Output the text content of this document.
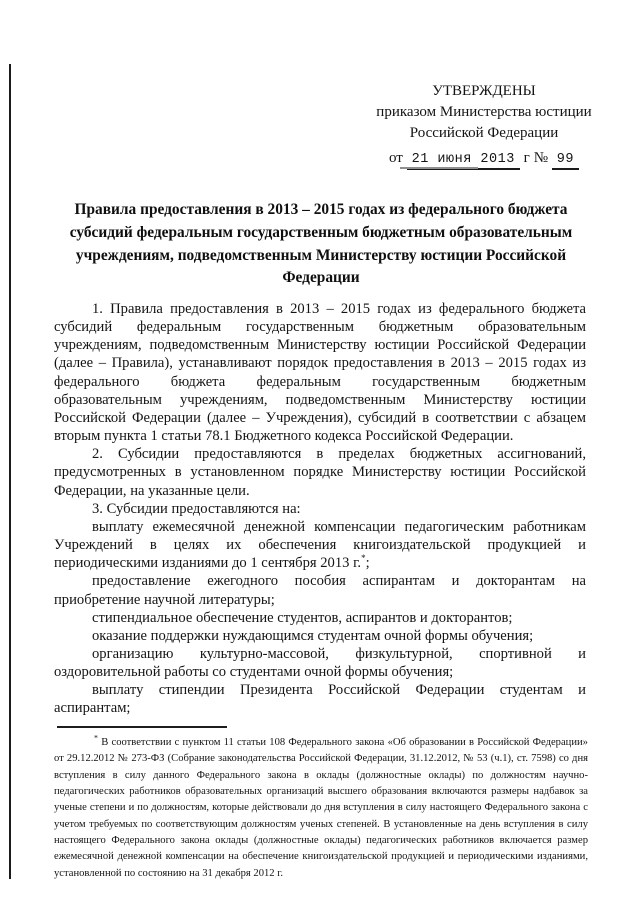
УТВЕРЖДЕНЫ
приказом Министерства юстиции
Российской Федерации
от 21 июня 2013 г № 99
Правила предоставления в 2013 – 2015 годах из федерального бюджета субсидий федеральным государственным бюджетным образовательным учреждениям, подведомственным Министерству юстиции Российской Федерации

1. Правила предоставления в 2013 – 2015 годах из федерального бюджета субсидий федеральным государственным бюджетным образовательным учреждениям, подведомственным Министерству юстиции Российской Федерации (далее – Правила), устанавливают порядок предоставления в 2013 – 2015 годах из федерального бюджета федеральным государственным бюджетным образовательным учреждениям, подведомственным Министерству юстиции Российской Федерации (далее – Учреждения), субсидий в соответствии с абзацем вторым пункта 1 статьи 78.1 Бюджетного кодекса Российской Федерации.

2. Субсидии предоставляются в пределах бюджетных ассигнований, предусмотренных в установленном порядке Министерству юстиции Российской Федерации, на указанные цели.

3. Субсидии предоставляются на:

выплату ежемесячной денежной компенсации педагогическим работникам Учреждений в целях их обеспечения книгоиздательской продукцией и периодическими изданиями до 1 сентября 2013 г.*;

предоставление ежегодного пособия аспирантам и докторантам на приобретение научной литературы;

стипендиальное обеспечение студентов, аспирантов и докторантов;

оказание поддержки нуждающимся студентам очной формы обучения;

организацию культурно-массовой, физкультурной, спортивной и оздоровительной работы со студентами очной формы обучения;

выплату стипендии Президента Российской Федерации студентам и аспирантам;

* В соответствии с пунктом 11 статьи 108 Федерального закона «Об образовании в Российской Федерации» от 29.12.2012 № 273-ФЗ (Собрание законодательства Российской Федерации, 31.12.2012, № 53 (ч.1), ст. 7598) со дня вступления в силу данного Федерального закона в оклады (должностные оклады) по должностям научно-педагогических работников образовательных организаций высшего образования включаются размеры надбавок за ученые степени и по должностям, которые действовали до дня вступления в силу настоящего Федерального закона с учетом требуемых по соответствующим должностям ученых степеней. В установленные на день вступления в силу настоящего Федерального закона оклады (должностные оклады) педагогических работников включается размер ежемесячной денежной компенсации на обеспечение книгоиздательской продукцией и периодическими изданиями, установленной по состоянию на 31 декабря 2012 г.
